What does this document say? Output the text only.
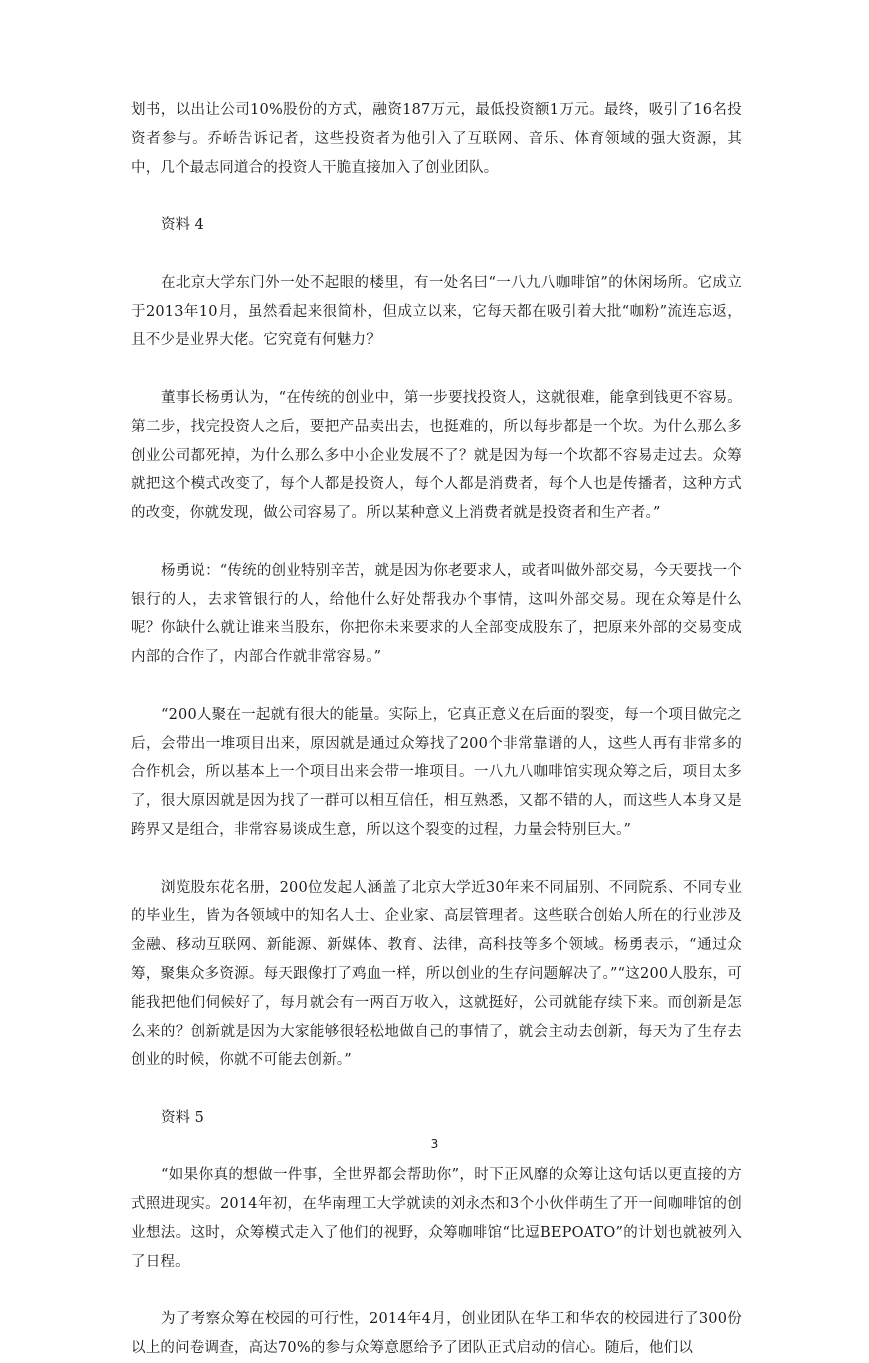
划书，以出让公司10%股份的方式，融资187万元，最低投资额1万元。最终，吸引了16名投资者参与。乔峤告诉记者，这些投资者为他引入了互联网、音乐、体育领域的强大资源，其中，几个最志同道合的投资人干脆直接加入了创业团队。

资料 4

在北京大学东门外一处不起眼的楼里，有一处名曰“一八九八咖啡馆”的休闲场所。它成立于2013年10月，虽然看起来很简朴，但成立以来，它每天都在吸引着大批“咖粉”流连忘返，且不少是业界大佬。它究竟有何魅力？

董事长杨勇认为，“在传统的创业中，第一步要找投资人，这就很难，能拿到钱更不容易。第二步，找完投资人之后，要把产品卖出去，也挺难的，所以每步都是一个坎。为什么那么多创业公司都死掉，为什么那么多中小企业发展不了？就是因为每一个坎都不容易走过去。众筹就把这个模式改变了，每个人都是投资人，每个人都是消费者，每个人也是传播者，这种方式的改变，你就发现，做公司容易了。所以某种意义上消费者就是投资者和生产者。”

杨勇说：“传统的创业特别辛苦，就是因为你老要求人，或者叫做外部交易，今天要找一个银行的人，去求管银行的人，给他什么好处帮我办个事情，这叫外部交易。现在众筹是什么呢？你缺什么就让谁来当股东，你把你未来要求的人全部变成股东了，把原来外部的交易变成内部的合作了，内部合作就非常容易。”

“200人聚在一起就有很大的能量。实际上，它真正意义在后面的裂变，每一个项目做完之后，会带出一堆项目出来，原因就是通过众筹找了200个非常靠谱的人，这些人再有非常多的合作机会，所以基本上一个项目出来会带一堆项目。一八九八咖啡馆实现众筹之后，项目太多了，很大原因就是因为找了一群可以相互信任，相互熟悉，又都不错的人，而这些人本身又是跨界又是组合，非常容易谈成生意，所以这个裂变的过程，力量会特别巨大。”

浏览股东花名册，200位发起人涵盖了北京大学近30年来不同届别、不同院系、不同专业的毕业生，皆为各领域中的知名人士、企业家、高层管理者。这些联合创始人所在的行业涉及金融、移动互联网、新能源、新媒体、教育、法律，高科技等多个领域。杨勇表示，“通过众筹，聚集众多资源。每天跟像打了鸡血一样，所以创业的生存问题解决了。”“这200人股东，可能我把他们伺候好了，每月就会有一两百万收入，这就挺好，公司就能存续下来。而创新是怎么来的？创新就是因为大家能够很轻松地做自己的事情了，就会主动去创新，每天为了生存去创业的时候，你就不可能去创新。”

资料 5

“如果你真的想做一件事，全世界都会帮助你”，时下正风靡的众筹让这句话以更直接的方式照进现实。2014年初，在华南理工大学就读的刘永杰和3个小伙伴萌生了开一间咖啡馆的创业想法。这时，众筹模式走入了他们的视野，众筹咖啡馆“比逗BEPOATO”的计划也就被列入了日程。

为了考察众筹在校园的可行性，2014年4月，创业团队在华工和华农的校园进行了300份以上的问卷调查，高达70%的参与众筹意愿给予了团队正式启动的信心。随后，他们以

3
